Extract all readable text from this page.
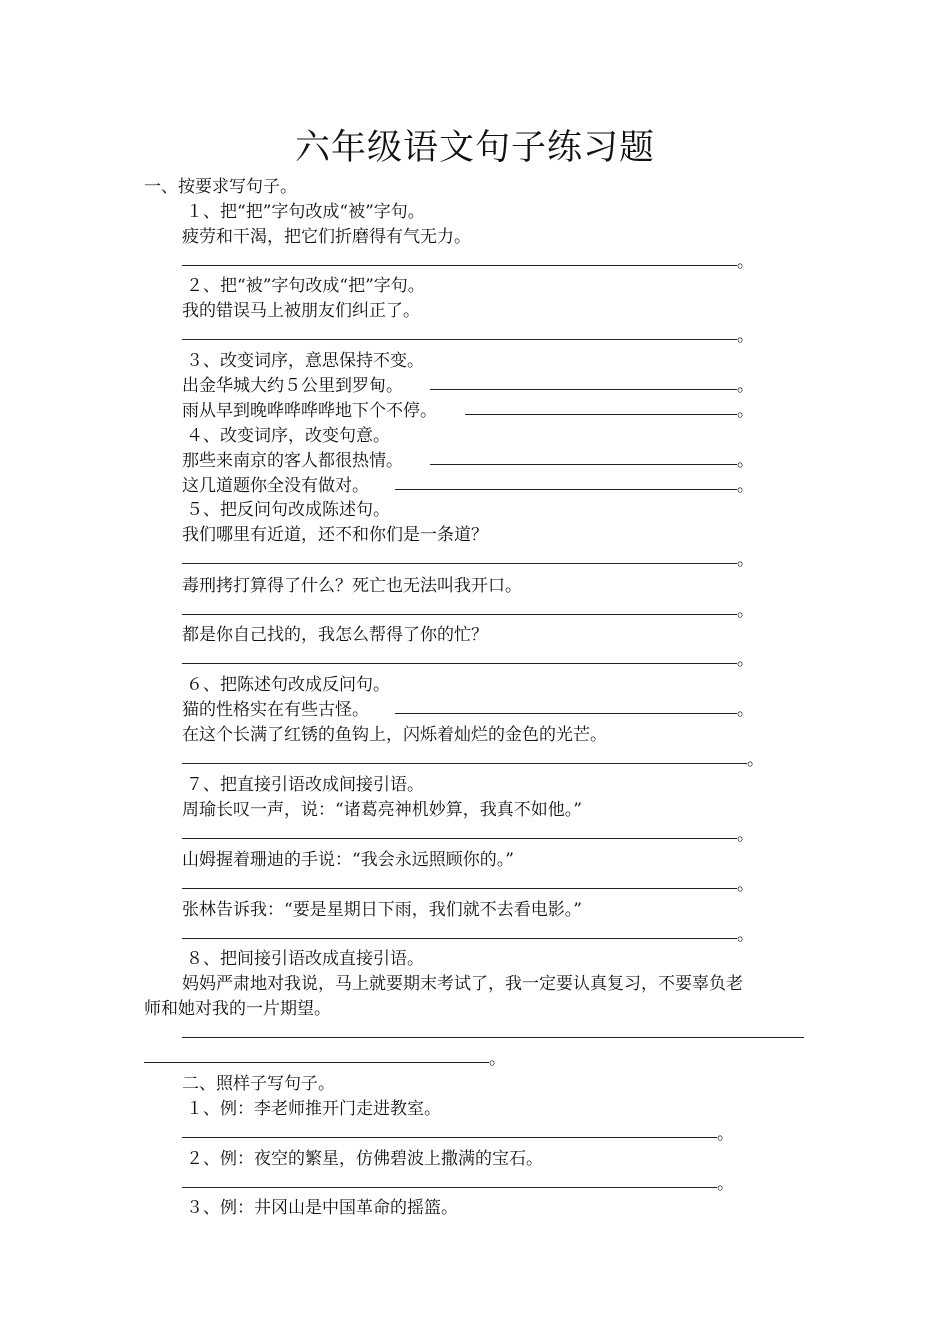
六年级语文句子练习题
一、按要求写句子。
１、把“把”字句改成“被”字句。
疲劳和干渴，把它们折磨得有气无力。
。
２、把“被”字句改成“把”字句。
我的错误马上被朋友们纠正了。
。
３、改变词序，意思保持不变。
出金华城大约５公里到罗甸。	。
雨从早到晚哗哗哗哗地下个不停。	。
４、改变词序，改变句意。
那些来南京的客人都很热情。	。
这几道题你全没有做对。	。
５、把反问句改成陈述句。
我们哪里有近道，还不和你们是一条道？
。
毒刑拷打算得了什么？死亡也无法叫我开口。
。
都是你自己找的，我怎么帮得了你的忙？
。
６、把陈述句改成反问句。
猫的性格实在有些古怪。	。
在这个长满了红锈的鱼钩上，闪烁着灿烂的金色的光芒。
。
７、把直接引语改成间接引语。
周瑜长叹一声，说：“诸葛亮神机妙算，我真不如他。”
。
山姆握着珊迪的手说：“我会永远照顾你的。”
。
张林告诉我：“要是星期日下雨，我们就不去看电影。”
。
８、把间接引语改成直接引语。
妈妈严肃地对我说，马上就要期末考试了，我一定要认真复习，不要辜负老
师和她对我的一片期望。
。
二、照样子写句子。
１、例：李老师推开门走进教室。
。
２、例：夜空的繁星，仿佛碧波上撒满的宝石。
。
３、例：井冈山是中国革命的摇篮。
